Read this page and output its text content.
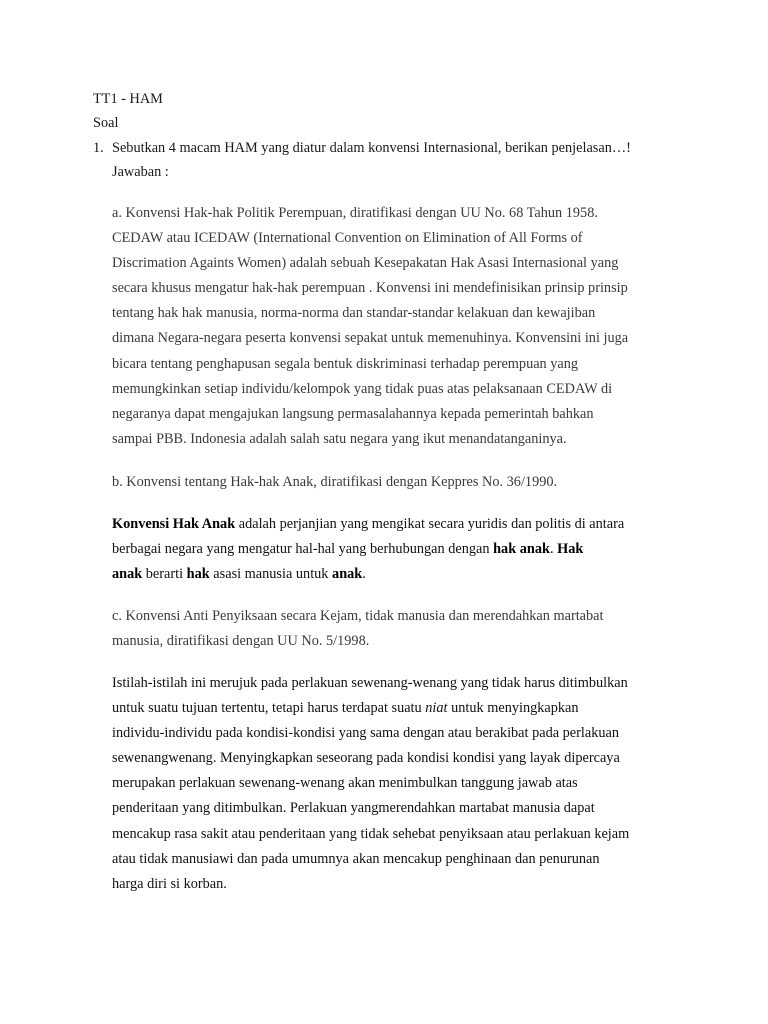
TT1 - HAM
Soal
1. Sebutkan 4 macam HAM yang diatur dalam konvensi Internasional, berikan penjelasan…!
Jawaban :
a. Konvensi Hak-hak Politik Perempuan, diratifikasi dengan UU No. 68 Tahun 1958.
CEDAW atau ICEDAW (International Convention on Elimination of All Forms of
Discrimation Againts Women) adalah sebuah Kesepakatan Hak Asasi Internasional yang
secara khusus mengatur hak-hak perempuan . Konvensi ini mendefinisikan prinsip prinsip
tentang hak hak manusia, norma-norma dan standar-standar kelakuan dan kewajiban
dimana Negara-negara peserta konvensi sepakat untuk memenuhinya. Konvensini ini juga
bicara tentang penghapusan segala bentuk diskriminasi terhadap perempuan yang
memungkinkan setiap individu/kelompok yang tidak puas atas pelaksanaan CEDAW di
negaranya dapat mengajukan langsung permasalahannya kepada pemerintah bahkan
sampai PBB. Indonesia adalah salah satu negara yang ikut menandatanganinya.
b. Konvensi tentang Hak-hak Anak, diratifikasi dengan Keppres No. 36/1990.
Konvensi Hak Anak adalah perjanjian yang mengikat secara yuridis dan politis di antara
berbagai negara yang mengatur hal-hal yang berhubungan dengan hak anak. Hak
anak berarti hak asasi manusia untuk anak.
c. Konvensi Anti Penyiksaan secara Kejam, tidak manusia dan merendahkan martabat
manusia, diratifikasi dengan UU No. 5/1998.
Istilah-istilah ini merujuk pada perlakuan sewenang-wenang yang tidak harus ditimbulkan
untuk suatu tujuan tertentu, tetapi harus terdapat suatu niat untuk menyingkapkan
individu-individu pada kondisi-kondisi yang sama dengan atau berakibat pada perlakuan
sewenangwenang. Menyingkapkan seseorang pada kondisi kondisi yang layak dipercaya
merupakan perlakuan sewenang-wenang akan menimbulkan tanggung jawab atas
penderitaan yang ditimbulkan. Perlakuan yangmerendahkan martabat manusia dapat
mencakup rasa sakit atau penderitaan yang tidak sehebat penyiksaan atau perlakuan kejam
atau tidak manusiawi dan pada umumnya akan mencakup penghinaan dan penurunan
harga diri si korban.
